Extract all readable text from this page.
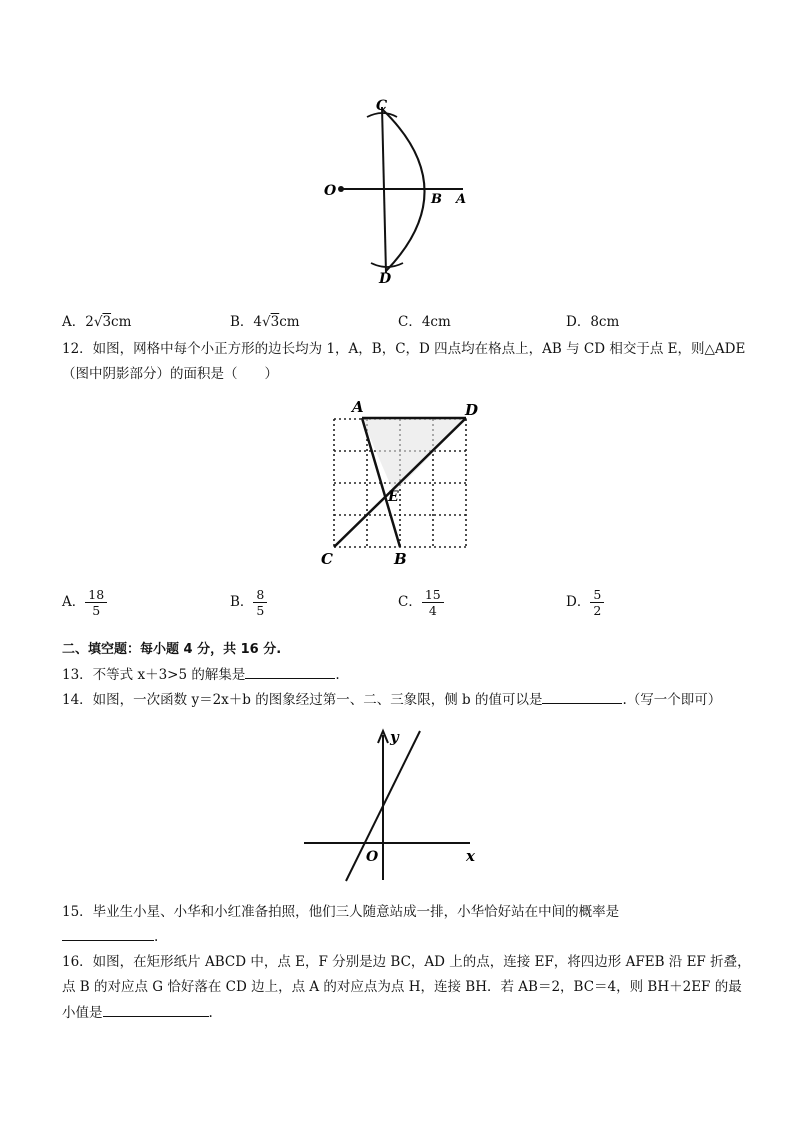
C
O
B A
D
A．2√3cm	B．4√3cm	C．4cm	D．8cm
12．如图，网格中每个小正方形的边长均为 1，A，B，C，D 四点均在格点上，AB 与 CD 相交于点 E，则△ADE
（图中阴影部分）的面积是（　　）
A	D
E
C	B
A． $\frac{18}{5}$	B． $\frac{8}{5}$	C． $\frac{15}{4}$	D． $\frac{5}{2}$
二、填空题：每小题 4 分，共 16 分.
13．不等式 x＋3>5 的解集是	.
14．如图，一次函数 y＝2x＋b 的图象经过第一、二、三象限，侧 b 的值可以是	.（写一个即可）
y
x
O
15．毕业生小星、小华和小红准备拍照，他们三人随意站成一排，小华恰好站在中间的概率是
.
16．如图，在矩形纸片 ABCD 中，点 E，F 分别是边 BC，AD 上的点，连接 EF，将四边形 AFEB 沿 EF 折叠，
点 B 的对应点 G 恰好落在 CD 边上，点 A 的对应点为点 H，连接 BH．若 AB＝2，BC＝4，则 BH＋2EF 的最
小值是	.
